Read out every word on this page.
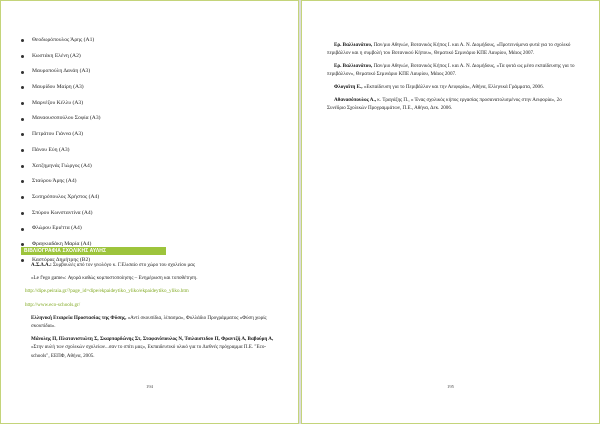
Θεοδωρόπουλος Άρης (Α1)
Κωστάκη Ελένη (Α2)
Μαυροπούλη Δανάη (Α3)
Μαυρίδου Μαίρη (Α3)
Μαρνέζου Κέλλυ (Α3)
Μαναουσοπούλου Σοφία (Α3)
Πετράτου Γιάννα (Α3)
Πάνου Εύη (Α3)
Χατζημηνάς Γιώργος (Α4)
Σταύρου Άρης (Α4)
Σωτηρόπουλος Χρήστος (Α4)
Σπύρου Κωνσταντίνα (Α4)
Φλώρου Εριέττα (Α4)
Φραγκιαδάκη Μαρία (Α4)
Καστόρας Δημήτρης (Β2)
ΒΙΒΛΙΟΓΡΑΦΙΑ ΣΧΟΛΙΚΗΣ ΑΥΛΗΣ

Α.Σ.Δ.Α.: Συμβουλές από τον γεωλόγο κ. Γ.Ελισαίο στο χώρο του σχολείου μας

«Le f'ego game»: Αγορά καθώς κομποστοποίησης – Ενημέρωση και τοποθέτηση.

http://dipe.peiraia.gr/?page_id=dipe/ekpaideytiko_yliko/ekpaideytiko_yliko.htm

http://www.eco-schools.gr/

Ελληνική Εταιρεία Προστασίας της Φύσης, «Αντί σκουπίδια, λίπασμα», Φυλλάδιο Προγράμματος «Φύση χωρίς σκουπίδια».

Μάνολης Π, Πλατανιστιώτη Σ, Σκαρπαρδώνης Στ, Σταφανόπουλος Ν, Τσιλαιστιδου Π, Φραντζή Α, Βαβούρη Α, «Στην αυλή των σχολικών σχολείων...σαν το σπίτι μας», Εκπαιδευτικό υλικό για το Διεθνές πρόγραμμα Π.Ε. "Eco-schools", ΕΕΠΦ, Αθήνα, 2005.

194

Ερ. Βαλλιανάτου, Παν/μιο Αθηνών, Βοτανικός Κήπος Ι. και Α. Ν. Διομήδους, «Προτεινόμενα φυτά για το σχολικό περιβάλλον και η συμβολή του Βοτανικού Κήπου», Θεματικό Σεμινάριο ΚΠΕ Λαυρίου, Μάιος 2007.

Ερ. Βαλλιανάτου, Παν/μιο Αθηνών, Βοτανικός Κήπος Ι. και Α. Ν. Διομήδους, «Τα φυτά ως μέσο εκπαίδευσης για το περιβάλλον», Θεματικό Σεμινάριο ΚΠΕ Λαυρίου, Μάιος 2007.

Φλογαϊτη Ε., «Εκπαίδευση για το Περιβάλλον και την Αειφορία», Αθήνα, Ελληνικά Γράμματα, 2006.

Αθανασόπουλος Α., κ. Τραγάζης Π., « Ένας σχολικός κήπος εργασίας προσανατολισμένος στην Αειφορία», 2ο Συνέδριο Σχολικών Προγραμμάτων, Π.Ε., Αθήνα, Δεκ. 2006.

195
